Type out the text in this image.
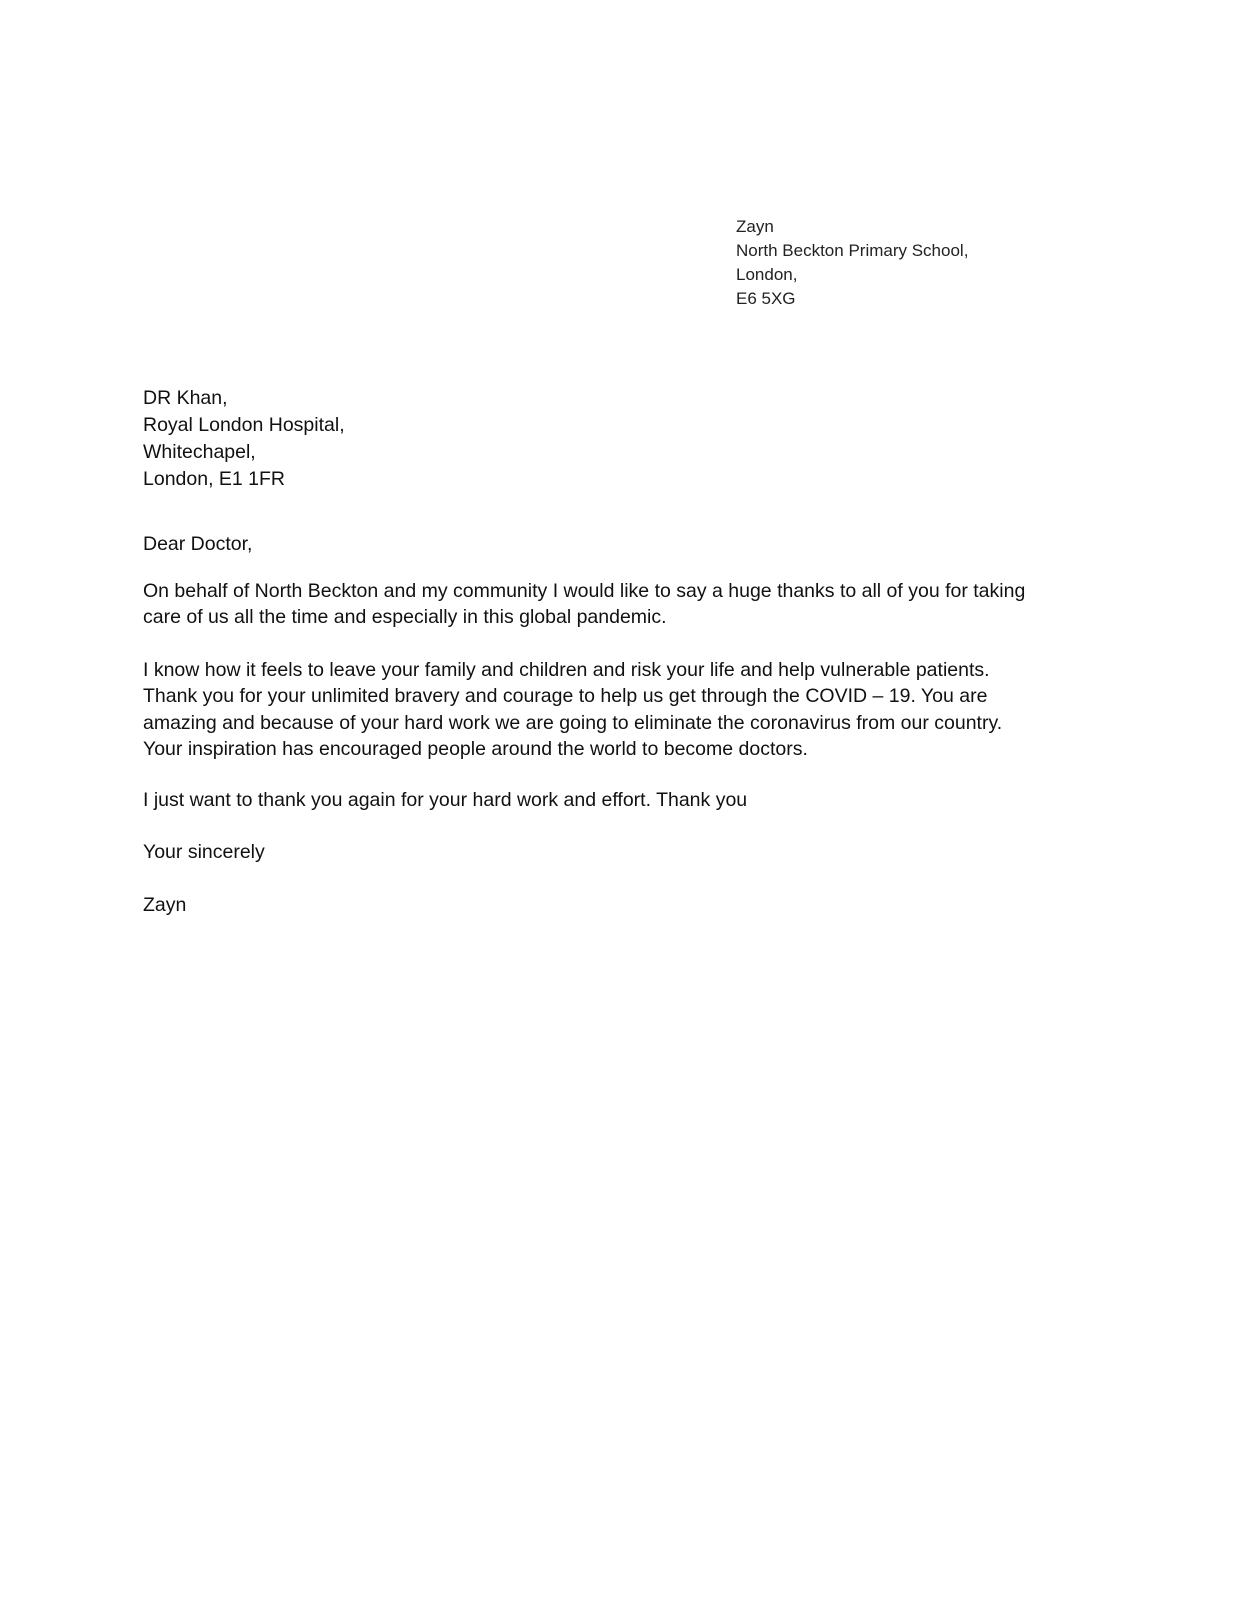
Zayn
North Beckton Primary School,
London,
E6 5XG
DR Khan,
Royal London Hospital,
Whitechapel,
London, E1 1FR

Dear Doctor,

On behalf of North Beckton and my community I would like to say a huge thanks to all of you for taking
care of us all the time and especially in this global pandemic.

I know how it feels to leave your family and children and risk your life and help vulnerable patients.
Thank you for your unlimited bravery and courage to help us get through the COVID – 19. You are
amazing and because of your hard work we are going to eliminate the coronavirus from our country.
Your inspiration has encouraged people around the world to become doctors.

I just want to thank you again for your hard work and effort. Thank you

Your sincerely

Zayn
